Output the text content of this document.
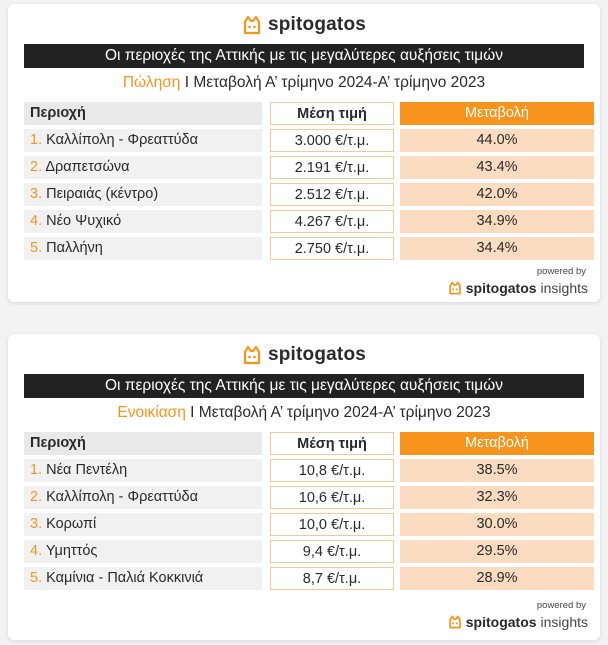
spitogatos
Οι περιοχές της Αττικής με τις μεγαλύτερες αυξήσεις τιμών
Πώληση Ι Μεταβολή Α’ τρίμηνο 2024-Α’ τρίμηνο 2023
Περιοχή	Μέση τιμή	Μεταβολή
1. Καλλίπολη - Φρεαττύδα	3.000 €/τ.μ.	44.0%
2. Δραπετσώνα	2.191 €/τ.μ.	43.4%
3. Πειραιάς (κέντρο)	2.512 €/τ.μ.	42.0%
4. Νέο Ψυχικό	4.267 €/τ.μ.	34.9%
5. Παλλήνη	2.750 €/τ.μ.	34.4%
powered by
spitogatos insights
spitogatos
Οι περιοχές της Αττικής με τις μεγαλύτερες αυξήσεις τιμών
Ενοικίαση Ι Μεταβολή Α’ τρίμηνο 2024-Α’ τρίμηνο 2023
Περιοχή	Μέση τιμή	Μεταβολή
1. Νέα Πεντέλη	10,8 €/τ.μ.	38.5%
2. Καλλίπολη - Φρεαττύδα	10,6 €/τ.μ.	32.3%
3. Κορωπί	10,0 €/τ.μ.	30.0%
4. Υμηττός	9,4 €/τ.μ.	29.5%
5. Καμίνια - Παλιά Κοκκινιά	8,7 €/τ.μ.	28.9%
powered by
spitogatos insights
